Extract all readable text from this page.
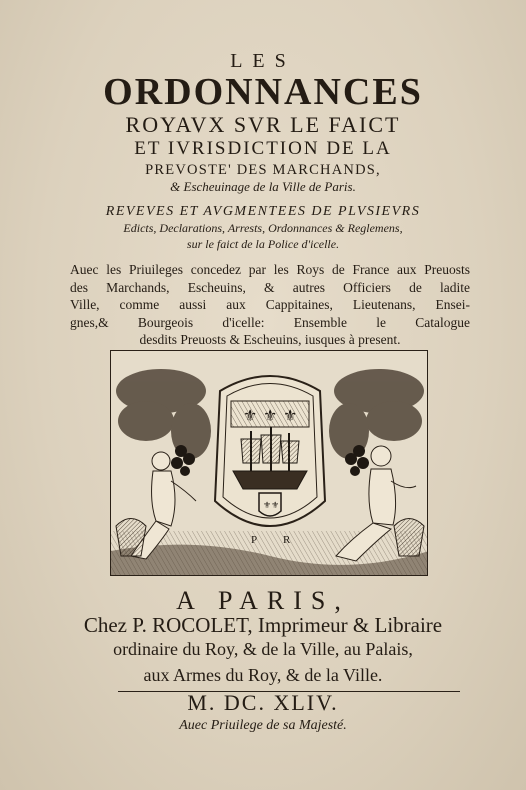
LES
ORDONNANCES
ROYAVX SVR LE FAICT
ET IVRISDICTION DE LA
PREVOSTE' DES MARCHANDS,
& Escheuinage de la Ville de Paris.
REVEVES ET AVGMENTEES DE PLVSIEVRS
Edicts, Declarations, Arrests, Ordonnances & Reglemens,
sur le faict de la Police d'icelle.
Auec les Priuileges concedez par les Roys de France aux Preuosts
des Marchands, Escheuins, & autres Officiers de ladite
Ville, comme aussi aux Cappitaines, Lieutenans, Ensei-
gnes,& Bourgeois d'icelle: Ensemble le Catalogue
desdits Preuosts & Escheuins, iusques à present.
⚜ ⚜ ⚜
⚜⚜
P R
A PARIS,
Chez P. ROCOLET, Imprimeur & Libraire
ordinaire du Roy, & de la Ville, au Palais,
aux Armes du Roy, & de la Ville.
M. DC. XLIV.
Auec Priuilege de sa Majesté.
